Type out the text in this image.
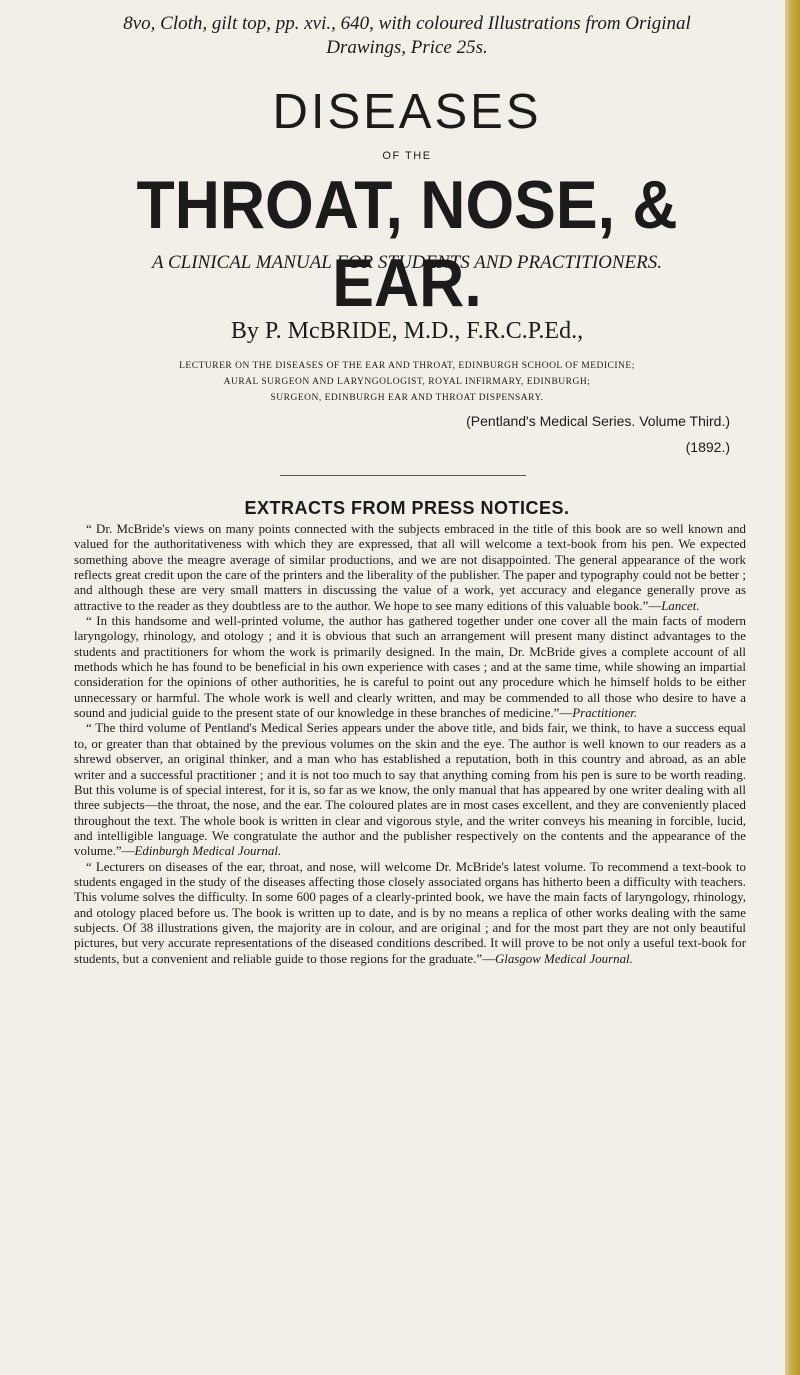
8vo, Cloth, gilt top, pp. xvi., 640, with coloured Illustrations from Original Drawings, Price 25s.
DISEASES
OF THE
THROAT, NOSE, & EAR.
A CLINICAL MANUAL FOR STUDENTS AND PRACTITIONERS.
By P. McBRIDE, M.D., F.R.C.P.Ed.,
LECTURER ON THE DISEASES OF THE EAR AND THROAT, EDINBURGH SCHOOL OF MEDICINE;
AURAL SURGEON AND LARYNGOLOGIST, ROYAL INFIRMARY, EDINBURGH;
SURGEON, EDINBURGH EAR AND THROAT DISPENSARY.
(Pentland's Medical Series. Volume Third.)
(1892.)
EXTRACTS FROM PRESS NOTICES.

“ Dr. McBride's views on many points connected with the subjects embraced in the title of this book are so well known and valued for the authoritativeness with which they are expressed, that all will welcome a text-book from his pen. We expected something above the meagre average of similar productions, and we are not disappointed. The general appearance of the work reflects great credit upon the care of the printers and the liberality of the publisher. The paper and typography could not be better ; and although these are very small matters in discussing the value of a work, yet accuracy and elegance generally prove as attractive to the reader as they doubtless are to the author. We hope to see many editions of this valuable book.”—Lancet.

“ In this handsome and well-printed volume, the author has gathered together under one cover all the main facts of modern laryngology, rhinology, and otology ; and it is obvious that such an arrangement will present many distinct advantages to the students and practitioners for whom the work is primarily designed. In the main, Dr. McBride gives a complete account of all methods which he has found to be beneficial in his own experience with cases ; and at the same time, while showing an impartial consideration for the opinions of other authorities, he is careful to point out any procedure which he himself holds to be either unnecessary or harmful. The whole work is well and clearly written, and may be commended to all those who desire to have a sound and judicial guide to the present state of our knowledge in these branches of medicine.”—Practitioner.

“ The third volume of Pentland's Medical Series appears under the above title, and bids fair, we think, to have a success equal to, or greater than that obtained by the previous volumes on the skin and the eye. The author is well known to our readers as a shrewd observer, an original thinker, and a man who has established a reputation, both in this country and abroad, as an able writer and a successful practitioner ; and it is not too much to say that anything coming from his pen is sure to be worth reading. But this volume is of special interest, for it is, so far as we know, the only manual that has appeared by one writer dealing with all three subjects—the throat, the nose, and the ear. The coloured plates are in most cases excellent, and they are conveniently placed throughout the text. The whole book is written in clear and vigorous style, and the writer conveys his meaning in forcible, lucid, and intelligible language. We congratulate the author and the publisher respectively on the contents and the appearance of the volume.”—Edinburgh Medical Journal.

“ Lecturers on diseases of the ear, throat, and nose, will welcome Dr. McBride's latest volume. To recommend a text-book to students engaged in the study of the diseases affecting those closely associated organs has hitherto been a difficulty with teachers. This volume solves the difficulty. In some 600 pages of a clearly-printed book, we have the main facts of laryngology, rhinology, and otology placed before us. The book is written up to date, and is by no means a replica of other works dealing with the same subjects. Of 38 illustrations given, the majority are in colour, and are original ; and for the most part they are not only beautiful pictures, but very accurate representations of the diseased conditions described. It will prove to be not only a useful text-book for students, but a convenient and reliable guide to those regions for the graduate.”—Glasgow Medical Journal.
